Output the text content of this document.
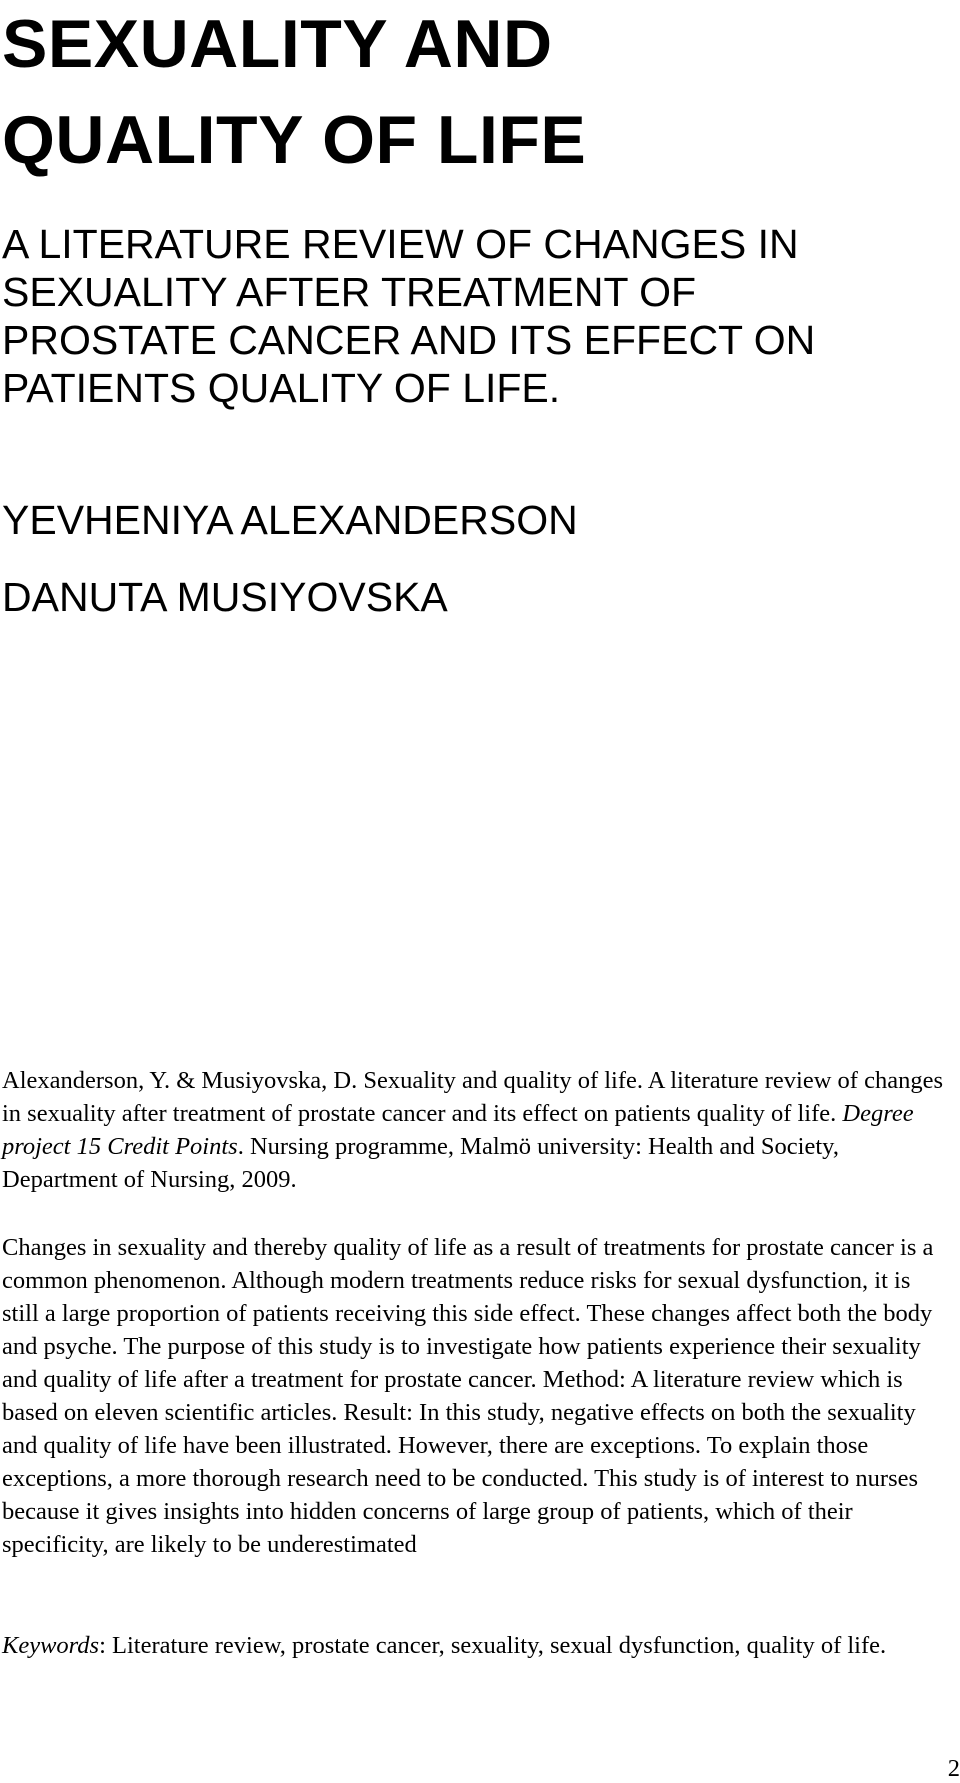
SEXUALITY AND
QUALITY OF LIFE

A LITERATURE REVIEW OF CHANGES IN
SEXUALITY AFTER TREATMENT OF
PROSTATE CANCER AND ITS EFFECT ON
PATIENTS QUALITY OF LIFE.

YEVHENIYA ALEXANDERSON

DANUTA MUSIYOVSKA

Alexanderson, Y. & Musiyovska, D. Sexuality and quality of life. A literature review of changes in sexuality after treatment of prostate cancer and its effect on patients quality of life. Degree project 15 Credit Points. Nursing programme, Malmö university: Health and Society, Department of Nursing, 2009.

Changes in sexuality and thereby quality of life as a result of treatments for prostate cancer is a common phenomenon. Although modern treatments reduce risks for sexual dysfunction, it is still a large proportion of patients receiving this side effect. These changes affect both the body and psyche. The purpose of this study is to investigate how patients experience their sexuality and quality of life after a treatment for prostate cancer. Method: A literature review which is based on eleven scientific articles. Result: In this study, negative effects on both the sexuality and quality of life have been illustrated. However, there are exceptions. To explain those exceptions, a more thorough research need to be conducted. This study is of interest to nurses because it gives insights into hidden concerns of large group of patients, which of their specificity, are likely to be underestimated

Keywords: Literature review, prostate cancer, sexuality, sexual dysfunction, quality of life.

2
